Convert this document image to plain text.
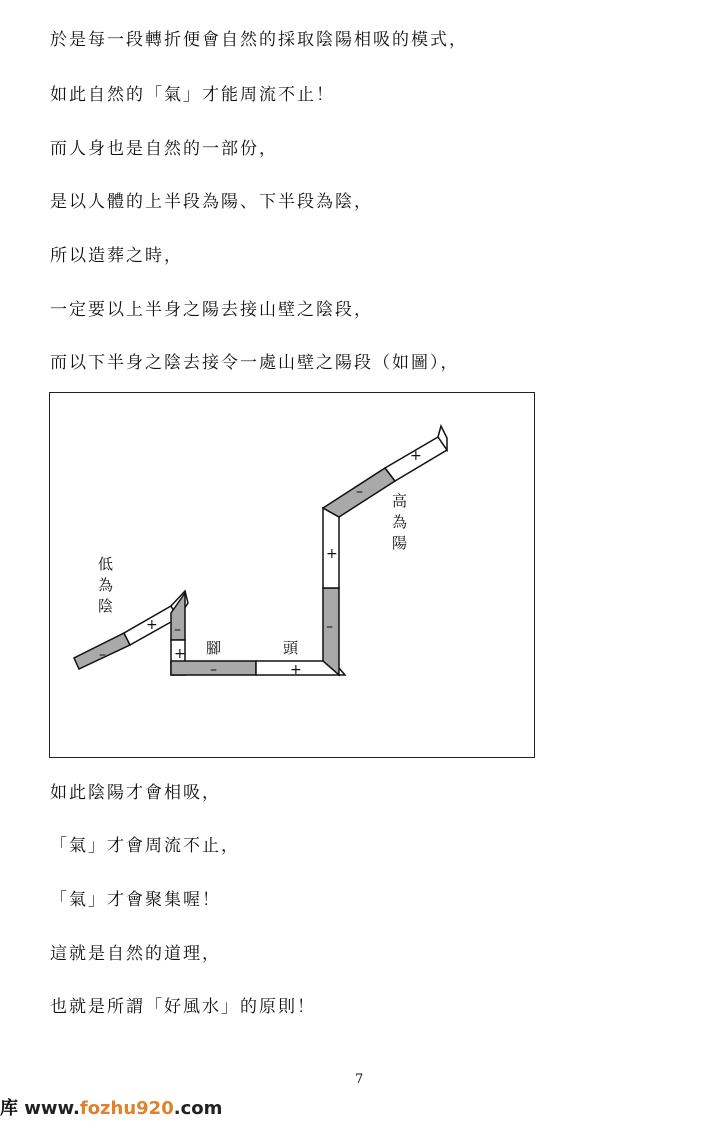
於是每一段轉折便會自然的採取陰陽相吸的模式，
如此自然的「氣」才能周流不止！
而人身也是自然的一部份，
是以人體的上半段為陽、下半段為陰，
所以造葬之時，
一定要以上半身之陽去接山壁之陰段，
而以下半身之陰去接令一處山壁之陽段（如圖），
低
為
陰
高
為
陽
腳	頭
–
+ –
+
–	+
–
+
–
+
如此陰陽才會相吸，
「氣」才會周流不止，
「氣」才會聚集喔！
這就是自然的道理，
也就是所謂「好風水」的原則！
7
库 www.fozhu920.com
